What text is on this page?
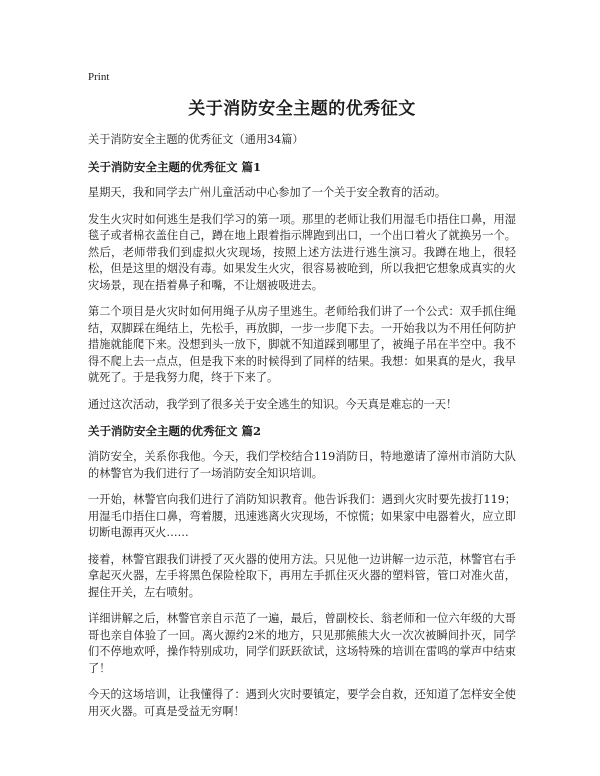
Print
关于消防安全主题的优秀征文

关于消防安全主题的优秀征文（通用34篇）

关于消防安全主题的优秀征文 篇1

星期天，我和同学去广州儿童活动中心参加了一个关于安全教育的活动。

发生火灾时如何逃生是我们学习的第一项。那里的老师让我们用湿毛巾捂住口鼻，用湿毯子或者棉衣盖住自己，蹲在地上跟着指示牌跑到出口，一个出口着火了就换另一个。然后，老师带我们到虚拟火灾现场，按照上述方法进行逃生演习。我蹲在地上，很轻松，但是这里的烟没有毒。如果发生火灾，很容易被呛到，所以我把它想象成真实的火灾场景，现在捂着鼻子和嘴，不让烟被吸进去。

第二个项目是火灾时如何用绳子从房子里逃生。老师给我们讲了一个公式：双手抓住绳结，双脚踩在绳结上，先松手，再放脚，一步一步爬下去。一开始我以为不用任何防护措施就能爬下来。没想到头一放下，脚就不知道踩到哪里了，被绳子吊在半空中。我不得不爬上去一点点，但是我下来的时候得到了同样的结果。我想：如果真的是火，我早就死了。于是我努力爬，终于下来了。

通过这次活动，我学到了很多关于安全逃生的知识。今天真是难忘的一天！

关于消防安全主题的优秀征文 篇2

消防安全，关系你我他。今天，我们学校结合119消防日，特地邀请了漳州市消防大队的林警官为我们进行了一场消防安全知识培训。

一开始，林警官向我们进行了消防知识教育。他告诉我们：遇到火灾时要先拔打119；用湿毛巾捂住口鼻，弯着腰，迅速逃离火灾现场，不惊慌；如果家中电器着火，应立即切断电源再灭火……

接着，林警官跟我们讲授了灭火器的使用方法。只见他一边讲解一边示范，林警官右手拿起灭火器，左手将黑色保险栓取下，再用左手抓住灭火器的塑料管，管口对准火苗，握住开关，左右喷射。

详细讲解之后，林警官亲自示范了一遍，最后，曾副校长、翁老师和一位六年级的大哥哥也亲自体验了一回。离火源约2米的地方，只见那熊熊大火一次次被瞬间扑灭，同学们不停地欢呼，操作特别成功，同学们跃跃欲试，这场特殊的培训在雷鸣的掌声中结束了！

今天的这场培训，让我懂得了：遇到火灾时要镇定，要学会自救，还知道了怎样安全使用灭火器。可真是受益无穷啊！
